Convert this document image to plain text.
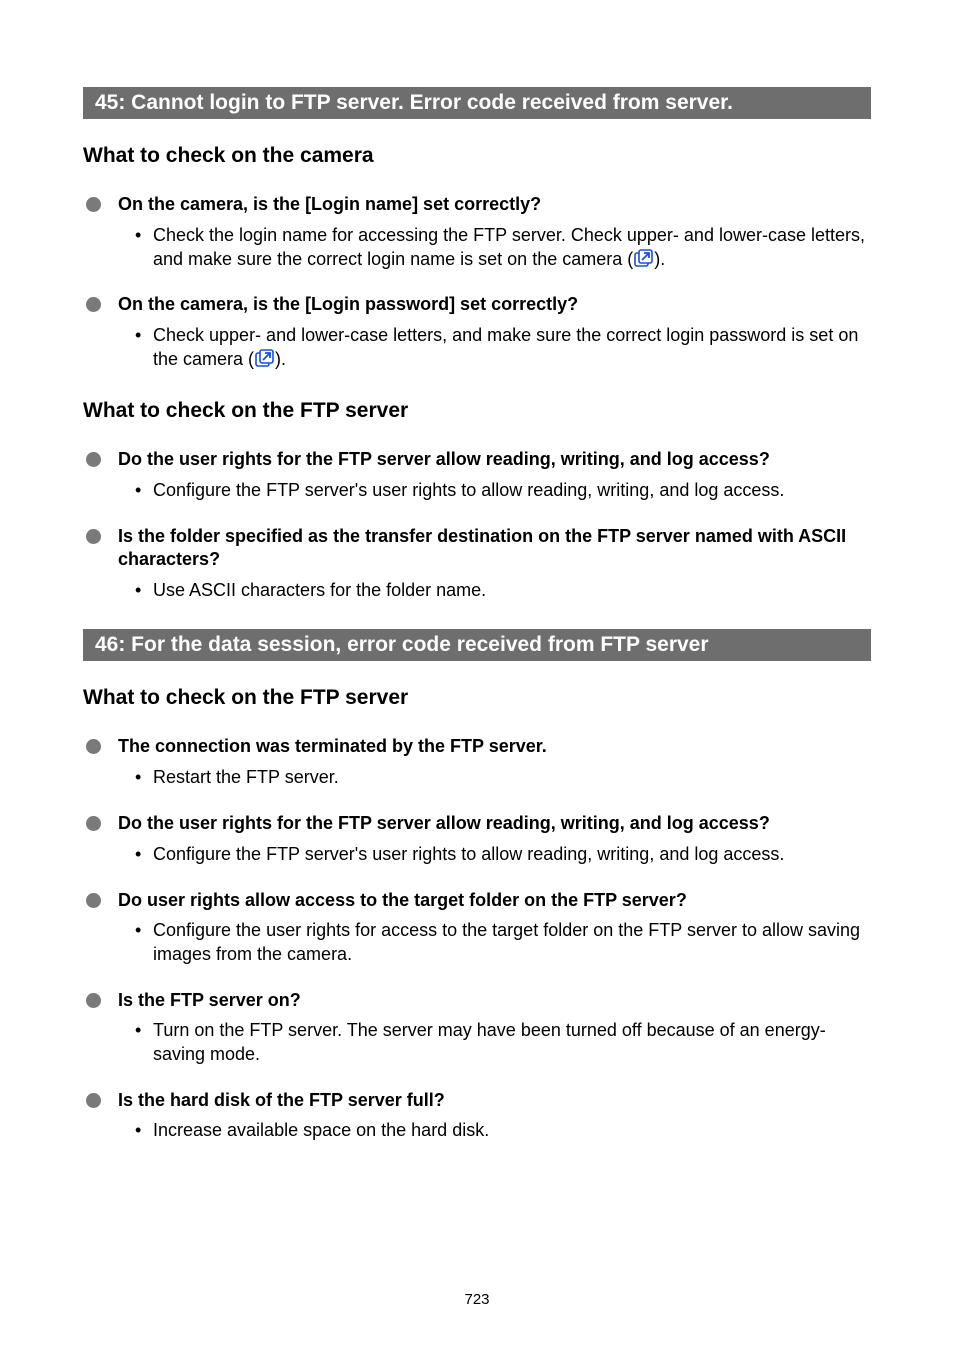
45: Cannot login to FTP server. Error code received from server.
What to check on the camera
On the camera, is the [Login name] set correctly?
• Check the login name for accessing the FTP server. Check upper- and lower-case letters, and make sure the correct login name is set on the camera ( ).
On the camera, is the [Login password] set correctly?
• Check upper- and lower-case letters, and make sure the correct login password is set on the camera ( ).
What to check on the FTP server
Do the user rights for the FTP server allow reading, writing, and log access?
• Configure the FTP server's user rights to allow reading, writing, and log access.
Is the folder specified as the transfer destination on the FTP server named with ASCII characters?
• Use ASCII characters for the folder name.
46: For the data session, error code received from FTP server
What to check on the FTP server
The connection was terminated by the FTP server.
• Restart the FTP server.
Do the user rights for the FTP server allow reading, writing, and log access?
• Configure the FTP server's user rights to allow reading, writing, and log access.
Do user rights allow access to the target folder on the FTP server?
• Configure the user rights for access to the target folder on the FTP server to allow saving images from the camera.
Is the FTP server on?
• Turn on the FTP server. The server may have been turned off because of an energy-saving mode.
Is the hard disk of the FTP server full?
• Increase available space on the hard disk.
723
